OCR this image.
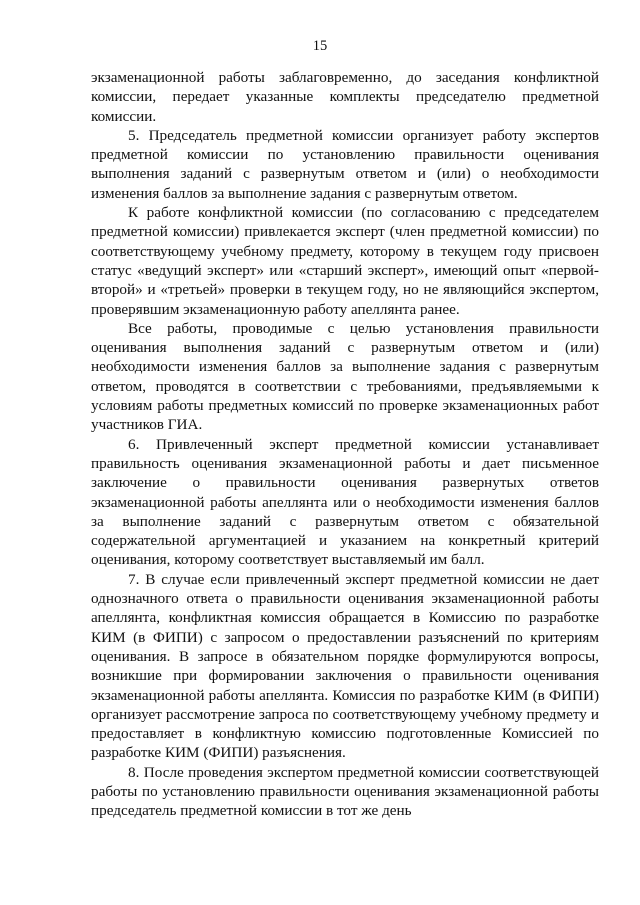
15

экзаменационной работы заблаговременно, до заседания конфликтной комиссии, передает указанные комплекты председателю предметной комиссии.

5. Председатель предметной комиссии организует работу экспертов предметной комиссии по установлению правильности оценивания выполнения заданий с развернутым ответом и (или) о необходимости изменения баллов за выполнение задания с развернутым ответом.

К работе конфликтной комиссии (по согласованию с председателем предметной комиссии) привлекается эксперт (член предметной комиссии) по соответствующему учебному предмету, которому в текущем году присвоен статус «ведущий эксперт» или «старший эксперт», имеющий опыт «первой-второй» и «третьей» проверки в текущем году, но не являющийся экспертом, проверявшим экзаменационную работу апеллянта ранее.

Все работы, проводимые с целью установления правильности оценивания выполнения заданий с развернутым ответом и (или) необходимости изменения баллов за выполнение задания с развернутым ответом, проводятся в соответствии с требованиями, предъявляемыми к условиям работы предметных комиссий по проверке экзаменационных работ участников ГИА.

6. Привлеченный эксперт предметной комиссии устанавливает правильность оценивания экзаменационной работы и дает письменное заключение о правильности оценивания развернутых ответов экзаменационной работы апеллянта или о необходимости изменения баллов за выполнение заданий с развернутым ответом с обязательной содержательной аргументацией и указанием на конкретный критерий оценивания, которому соответствует выставляемый им балл.

7. В случае если привлеченный эксперт предметной комиссии не дает однозначного ответа о правильности оценивания экзаменационной работы апеллянта, конфликтная комиссия обращается в Комиссию по разработке КИМ (в ФИПИ) с запросом о предоставлении разъяснений по критериям оценивания. В запросе в обязательном порядке формулируются вопросы, возникшие при формировании заключения о правильности оценивания экзаменационной работы апеллянта. Комиссия по разработке КИМ (в ФИПИ) организует рассмотрение запроса по соответствующему учебному предмету и предоставляет в конфликтную комиссию подготовленные Комиссией по разработке КИМ (ФИПИ) разъяснения.

8. После проведения экспертом предметной комиссии соответствующей работы по установлению правильности оценивания экзаменационной работы председатель предметной комиссии в тот же день
